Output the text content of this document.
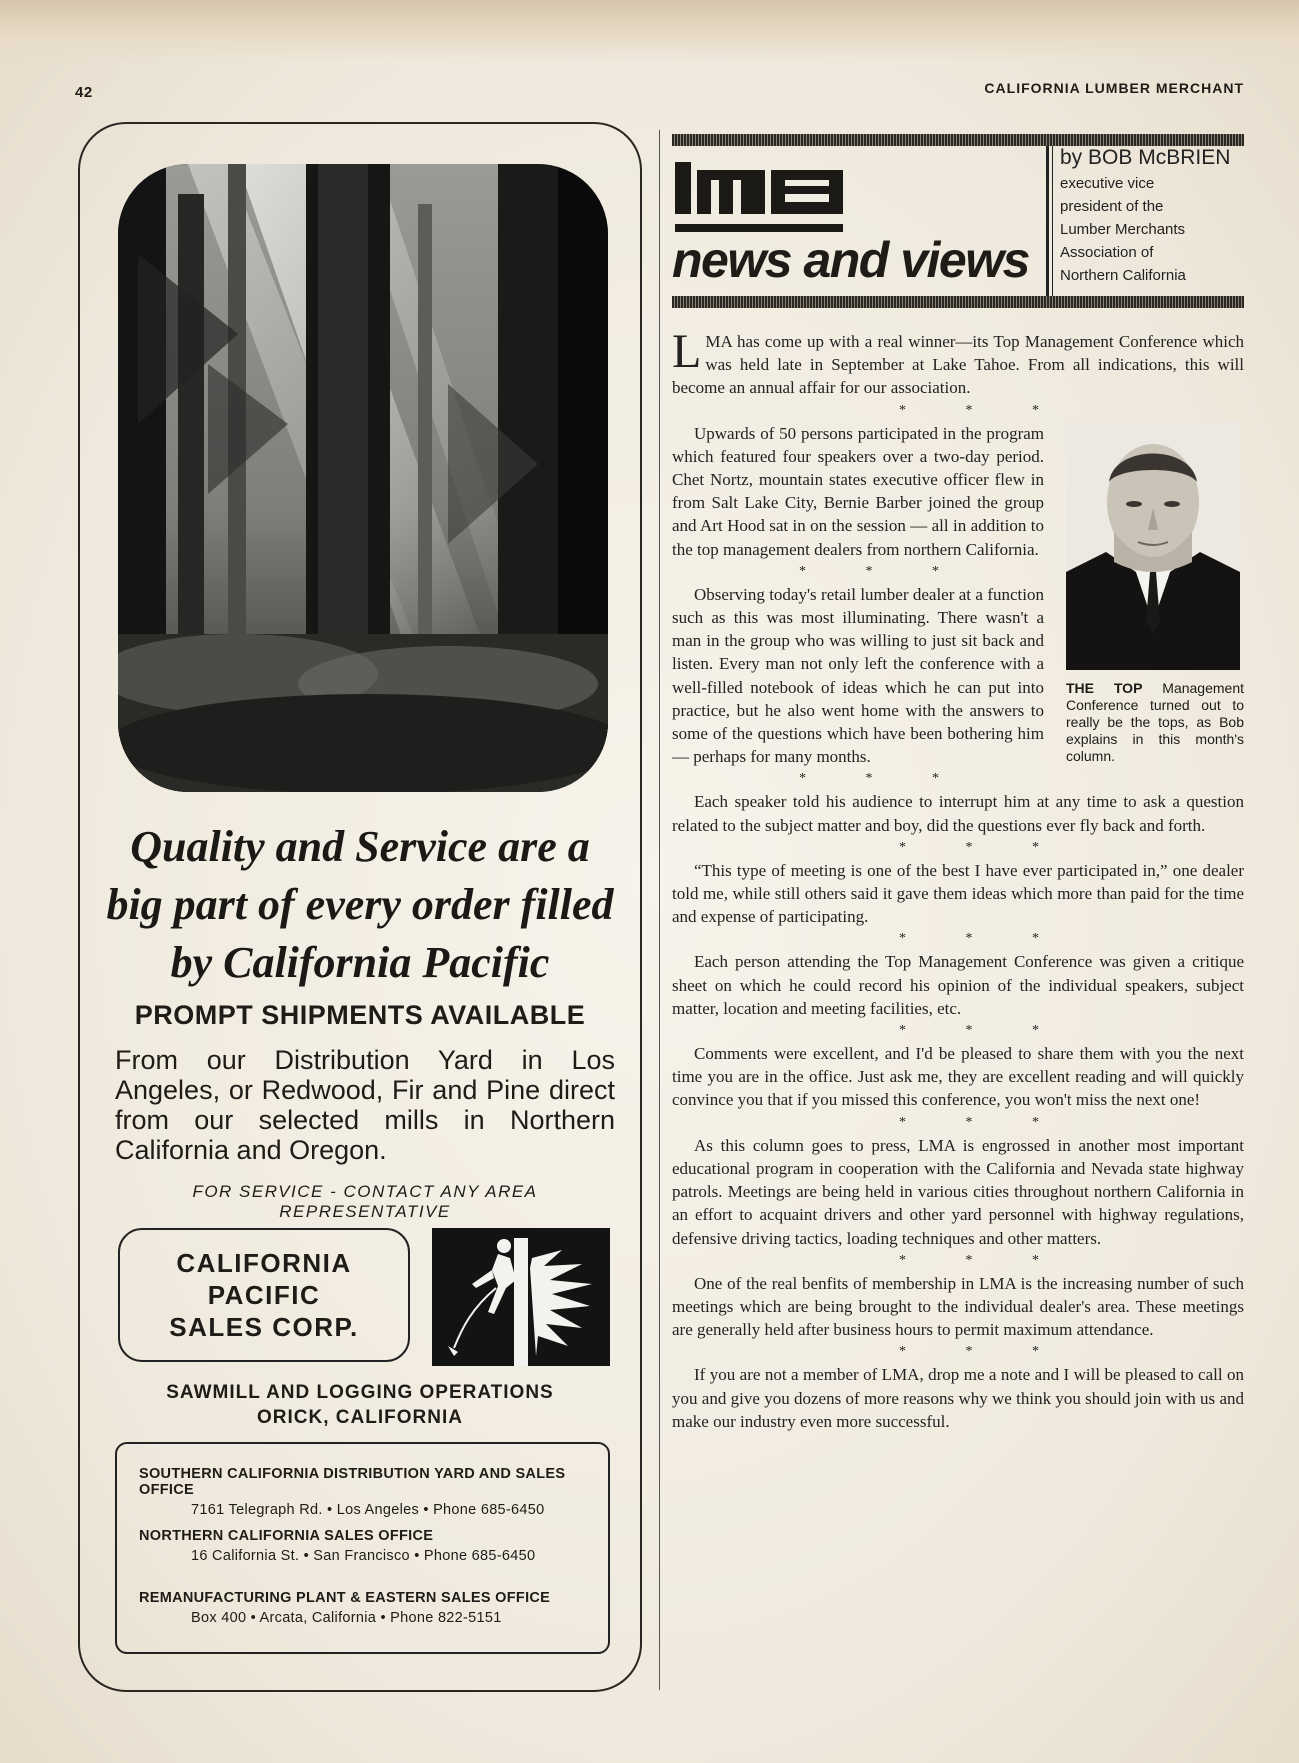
42	CALIFORNIA LUMBER MERCHANT
Quality and Service are a big part of every order filled by California Pacific
PROMPT SHIPMENTS AVAILABLE
From our Distribution Yard in Los Angeles, or Redwood, Fir and Pine direct from our selected mills in Northern California and Oregon.
FOR SERVICE - CONTACT ANY AREA REPRESENTATIVE
CALIFORNIA
PACIFIC
SALES CORP.
SAWMILL AND LOGGING OPERATIONS
ORICK, CALIFORNIA
SOUTHERN CALIFORNIA DISTRIBUTION YARD AND SALES OFFICE
7161 Telegraph Rd. • Los Angeles • Phone 685-6450
NORTHERN CALIFORNIA SALES OFFICE
16 California St. • San Francisco • Phone 685-6450
REMANUFACTURING PLANT & EASTERN SALES OFFICE
Box 400 • Arcata, California • Phone 822-5151
lma
news and views
by BOB McBRIEN
executive vice
president of the
Lumber Merchants
Association of
Northern California

LMA has come up with a real winner—its Top Management Conference which was held late in September at Lake Tahoe. From all indications, this will become an annual affair for our association.

* * *

THE TOP Management Conference turned out to really be the tops, as Bob explains in this month's column.

Upwards of 50 persons participated in the program which featured four speakers over a two-day period. Chet Nortz, mountain states executive officer flew in from Salt Lake City, Bernie Barber joined the group and Art Hood sat in on the session — all in addition to the top management dealers from northern California.

* * *

Observing today's retail lumber dealer at a function such as this was most illuminating. There wasn't a man in the group who was willing to just sit back and listen. Every man not only left the conference with a well-filled notebook of ideas which he can put into practice, but he also went home with the answers to some of the questions which have been bothering him — perhaps for many months.

* * *

Each speaker told his audience to interrupt him at any time to ask a question related to the subject matter and boy, did the questions ever fly back and forth.

* * *

“This type of meeting is one of the best I have ever participated in,” one dealer told me, while still others said it gave them ideas which more than paid for the time and expense of participating.

* * *

Each person attending the Top Management Conference was given a critique sheet on which he could record his opinion of the individual speakers, subject matter, location and meeting facilities, etc.

* * *

Comments were excellent, and I'd be pleased to share them with you the next time you are in the office. Just ask me, they are excellent reading and will quickly convince you that if you missed this conference, you won't miss the next one!

* * *

As this column goes to press, LMA is engrossed in another most important educational program in cooperation with the California and Nevada state highway patrols. Meetings are being held in various cities throughout northern California in an effort to acquaint drivers and other yard personnel with highway regulations, defensive driving tactics, loading techniques and other matters.

* * *

One of the real benfits of membership in LMA is the increasing number of such meetings which are being brought to the individual dealer's area. These meetings are generally held after business hours to permit maximum attendance.

* * *

If you are not a member of LMA, drop me a note and I will be pleased to call on you and give you dozens of more reasons why we think you should join with us and make our industry even more successful.
